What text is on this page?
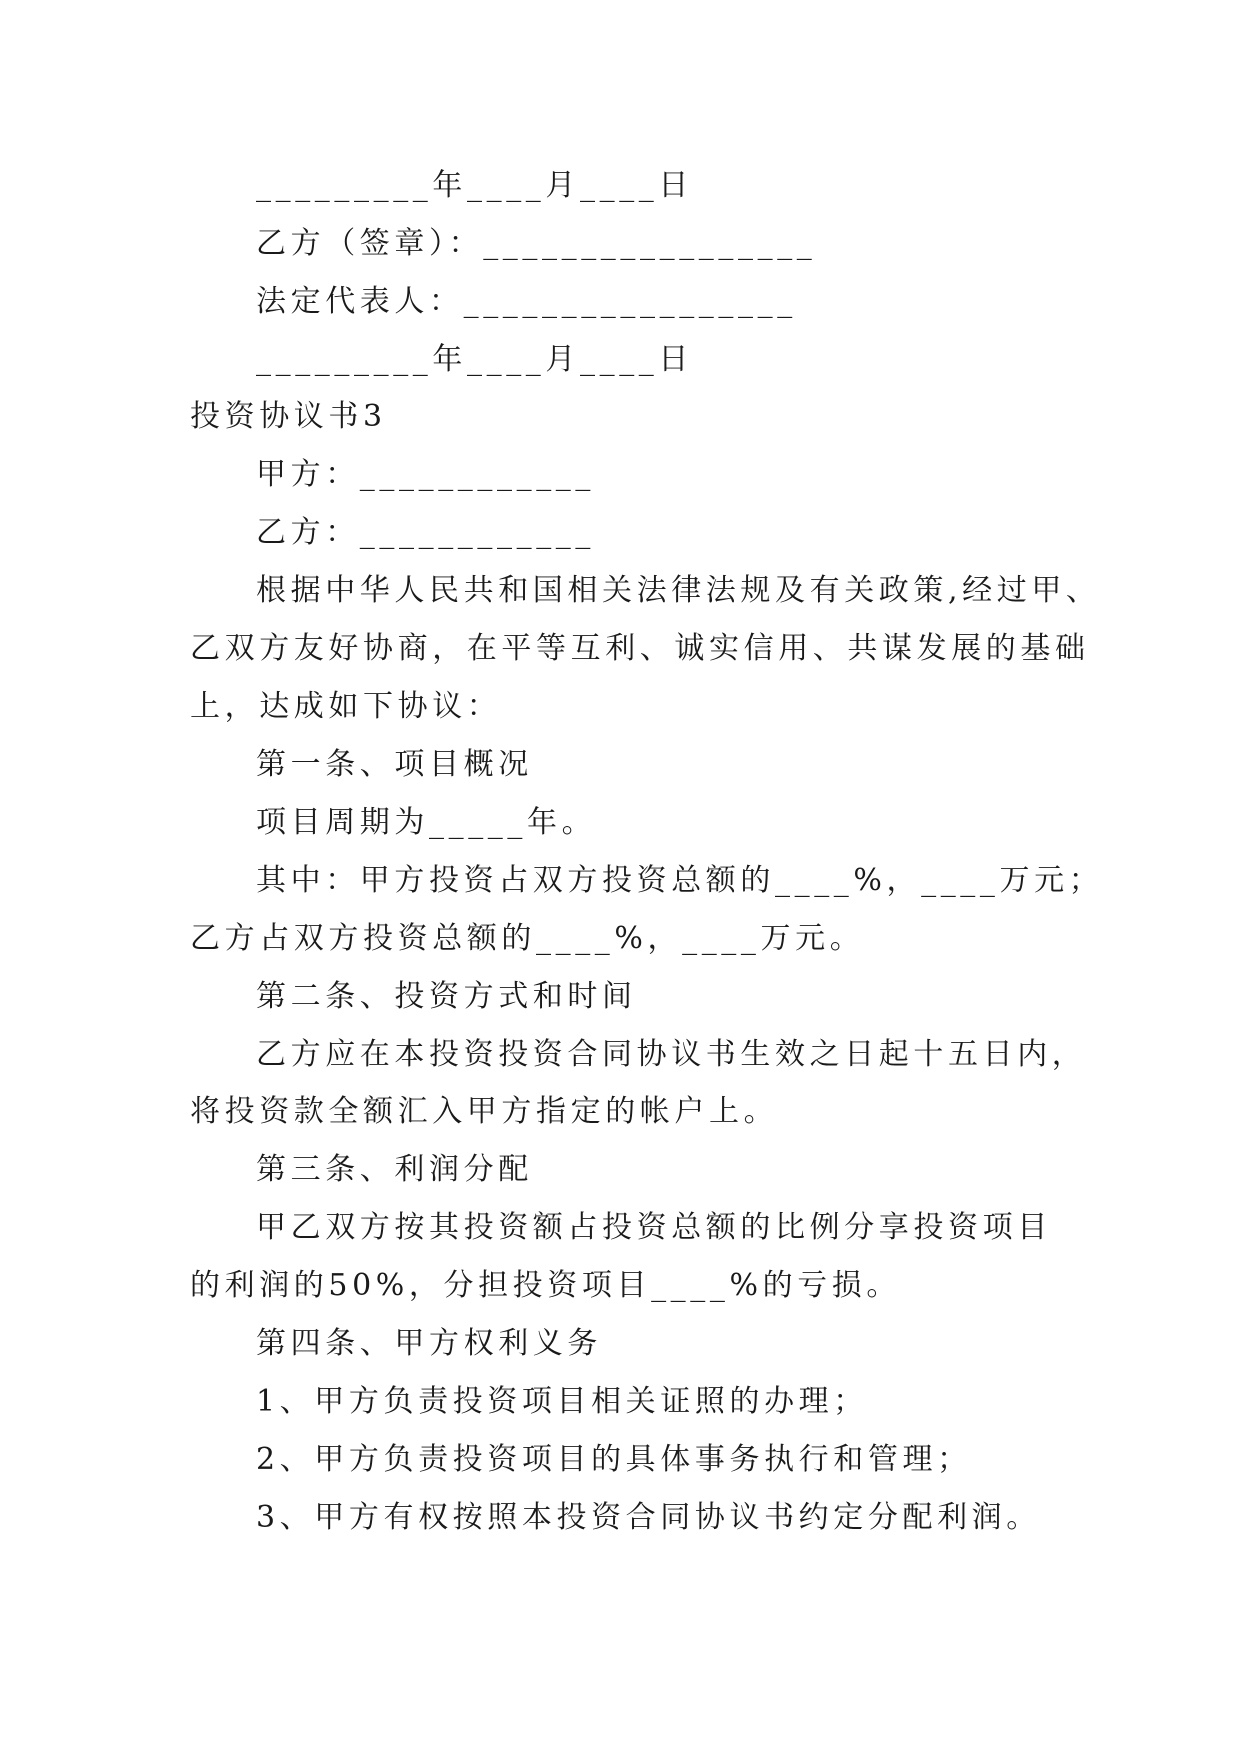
_________年____月____日
乙方（签章）：_________________
法定代表人：_________________
_________年____月____日
投资协议书3
甲方：____________
乙方：____________
根据中华人民共和国相关法律法规及有关政策,经过甲、
乙双方友好协商，在平等互利、诚实信用、共谋发展的基础
上，达成如下协议：
第一条、项目概况
项目周期为_____年。
其中：甲方投资占双方投资总额的____%，____万元；
乙方占双方投资总额的____%，____万元。
第二条、投资方式和时间
乙方应在本投资投资合同协议书生效之日起十五日内，
将投资款全额汇入甲方指定的帐户上。
第三条、利润分配
甲乙双方按其投资额占投资总额的比例分享投资项目
的利润的50%，分担投资项目____%的亏损。
第四条、甲方权利义务
1、甲方负责投资项目相关证照的办理；
2、甲方负责投资项目的具体事务执行和管理；
3、甲方有权按照本投资合同协议书约定分配利润。
